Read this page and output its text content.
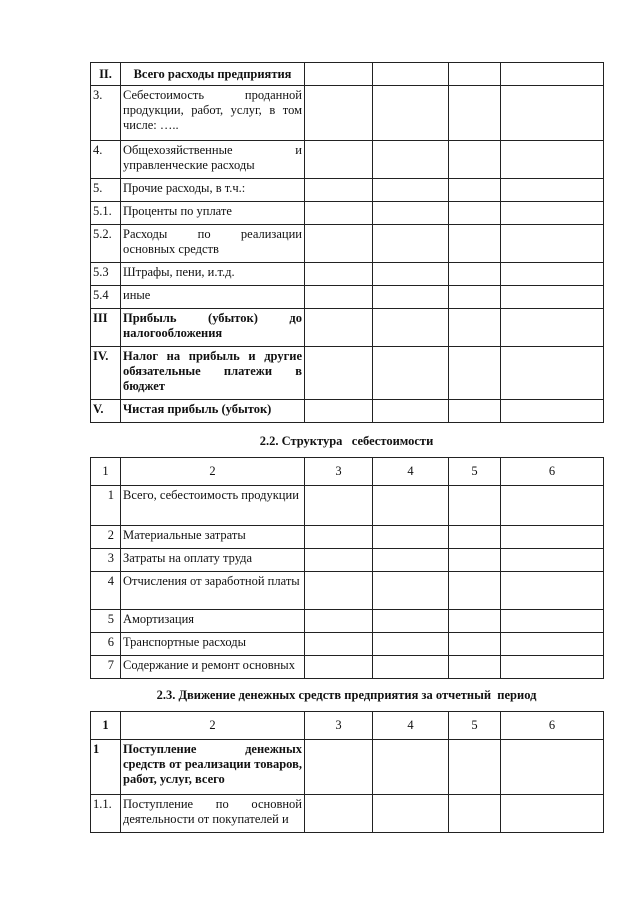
II.	Всего расходы предприятия				
3.	Себестоимость проданной продукции, работ, услуг, в том числе: …..				
4.	Общехозяйственные и управленческие расходы				
5.	Прочие расходы, в т.ч.:				
5.1.	Проценты по уплате				
5.2.	Расходы по реализации основных средств				
5.3	Штрафы, пени, и.т.д.				
5.4	иные				
III	Прибыль (убыток) до налогообложения				
IV.	Налог на прибыль и другие обязательные платежи в бюджет				
V.	Чистая прибыль (убыток)				
2.2. Структура   себестоимости
1	2	3	4	5	6
1	Всего, себестоимость продукции				
2	Материальные затраты				
3	Затраты на оплату труда				
4	Отчисления от заработной платы				
5	Амортизация				
6	Транспортные расходы				
7	Содержание и ремонт основных				
2.3. Движение денежных средств предприятия за отчетный  период
1	2	3	4	5	6
1	Поступление денежных средств от реализации товаров, работ, услуг, всего				
1.1.	Поступление по основной деятельности от покупателей и				
